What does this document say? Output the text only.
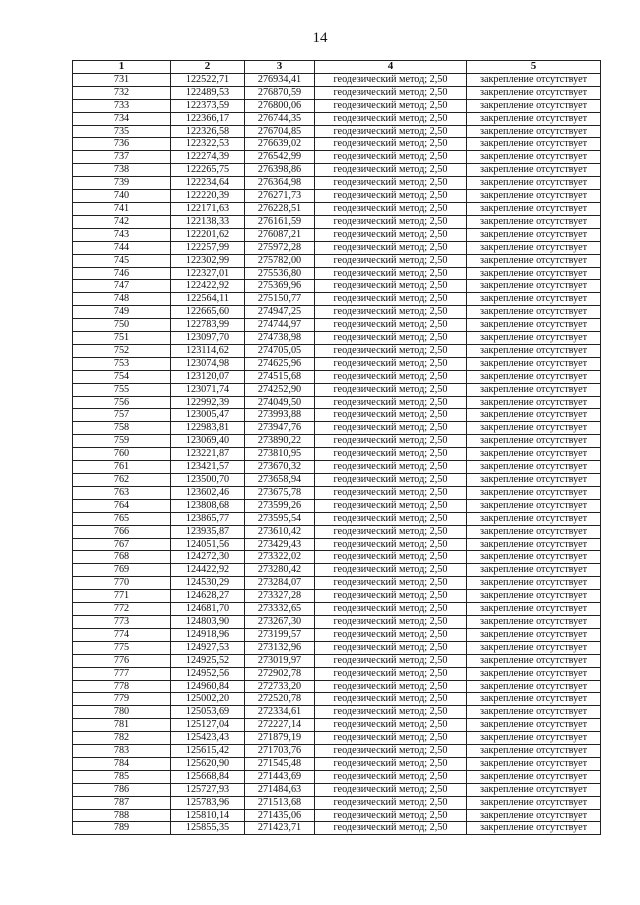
14
1	2	3	4	5
731	122522,71	276934,41	геодезический метод; 2,50	закрепление отсутствует
732	122489,53	276870,59	геодезический метод; 2,50	закрепление отсутствует
733	122373,59	276800,06	геодезический метод; 2,50	закрепление отсутствует
734	122366,17	276744,35	геодезический метод; 2,50	закрепление отсутствует
735	122326,58	276704,85	геодезический метод; 2,50	закрепление отсутствует
736	122322,53	276639,02	геодезический метод; 2,50	закрепление отсутствует
737	122274,39	276542,99	геодезический метод; 2,50	закрепление отсутствует
738	122265,75	276398,86	геодезический метод; 2,50	закрепление отсутствует
739	122234,64	276364,98	геодезический метод; 2,50	закрепление отсутствует
740	122220,39	276271,73	геодезический метод; 2,50	закрепление отсутствует
741	122171,63	276228,51	геодезический метод; 2,50	закрепление отсутствует
742	122138,33	276161,59	геодезический метод; 2,50	закрепление отсутствует
743	122201,62	276087,21	геодезический метод; 2,50	закрепление отсутствует
744	122257,99	275972,28	геодезический метод; 2,50	закрепление отсутствует
745	122302,99	275782,00	геодезический метод; 2,50	закрепление отсутствует
746	122327,01	275536,80	геодезический метод; 2,50	закрепление отсутствует
747	122422,92	275369,96	геодезический метод; 2,50	закрепление отсутствует
748	122564,11	275150,77	геодезический метод; 2,50	закрепление отсутствует
749	122665,60	274947,25	геодезический метод; 2,50	закрепление отсутствует
750	122783,99	274744,97	геодезический метод; 2,50	закрепление отсутствует
751	123097,70	274738,98	геодезический метод; 2,50	закрепление отсутствует
752	123114,62	274705,05	геодезический метод; 2,50	закрепление отсутствует
753	123074,98	274625,96	геодезический метод; 2,50	закрепление отсутствует
754	123120,07	274515,68	геодезический метод; 2,50	закрепление отсутствует
755	123071,74	274252,90	геодезический метод; 2,50	закрепление отсутствует
756	122992,39	274049,50	геодезический метод; 2,50	закрепление отсутствует
757	123005,47	273993,88	геодезический метод; 2,50	закрепление отсутствует
758	122983,81	273947,76	геодезический метод; 2,50	закрепление отсутствует
759	123069,40	273890,22	геодезический метод; 2,50	закрепление отсутствует
760	123221,87	273810,95	геодезический метод; 2,50	закрепление отсутствует
761	123421,57	273670,32	геодезический метод; 2,50	закрепление отсутствует
762	123500,70	273658,94	геодезический метод; 2,50	закрепление отсутствует
763	123602,46	273675,78	геодезический метод; 2,50	закрепление отсутствует
764	123808,68	273599,26	геодезический метод; 2,50	закрепление отсутствует
765	123865,77	273595,54	геодезический метод; 2,50	закрепление отсутствует
766	123935,87	273610,42	геодезический метод; 2,50	закрепление отсутствует
767	124051,56	273429,43	геодезический метод; 2,50	закрепление отсутствует
768	124272,30	273322,02	геодезический метод; 2,50	закрепление отсутствует
769	124422,92	273280,42	геодезический метод; 2,50	закрепление отсутствует
770	124530,29	273284,07	геодезический метод; 2,50	закрепление отсутствует
771	124628,27	273327,28	геодезический метод; 2,50	закрепление отсутствует
772	124681,70	273332,65	геодезический метод; 2,50	закрепление отсутствует
773	124803,90	273267,30	геодезический метод; 2,50	закрепление отсутствует
774	124918,96	273199,57	геодезический метод; 2,50	закрепление отсутствует
775	124927,53	273132,96	геодезический метод; 2,50	закрепление отсутствует
776	124925,52	273019,97	геодезический метод; 2,50	закрепление отсутствует
777	124952,56	272902,78	геодезический метод; 2,50	закрепление отсутствует
778	124960,84	272733,20	геодезический метод; 2,50	закрепление отсутствует
779	125002,20	272520,78	геодезический метод; 2,50	закрепление отсутствует
780	125053,69	272334,61	геодезический метод; 2,50	закрепление отсутствует
781	125127,04	272227,14	геодезический метод; 2,50	закрепление отсутствует
782	125423,43	271879,19	геодезический метод; 2,50	закрепление отсутствует
783	125615,42	271703,76	геодезический метод; 2,50	закрепление отсутствует
784	125620,90	271545,48	геодезический метод; 2,50	закрепление отсутствует
785	125668,84	271443,69	геодезический метод; 2,50	закрепление отсутствует
786	125727,93	271484,63	геодезический метод; 2,50	закрепление отсутствует
787	125783,96	271513,68	геодезический метод; 2,50	закрепление отсутствует
788	125810,14	271435,06	геодезический метод; 2,50	закрепление отсутствует
789	125855,35	271423,71	геодезический метод; 2,50	закрепление отсутствует
